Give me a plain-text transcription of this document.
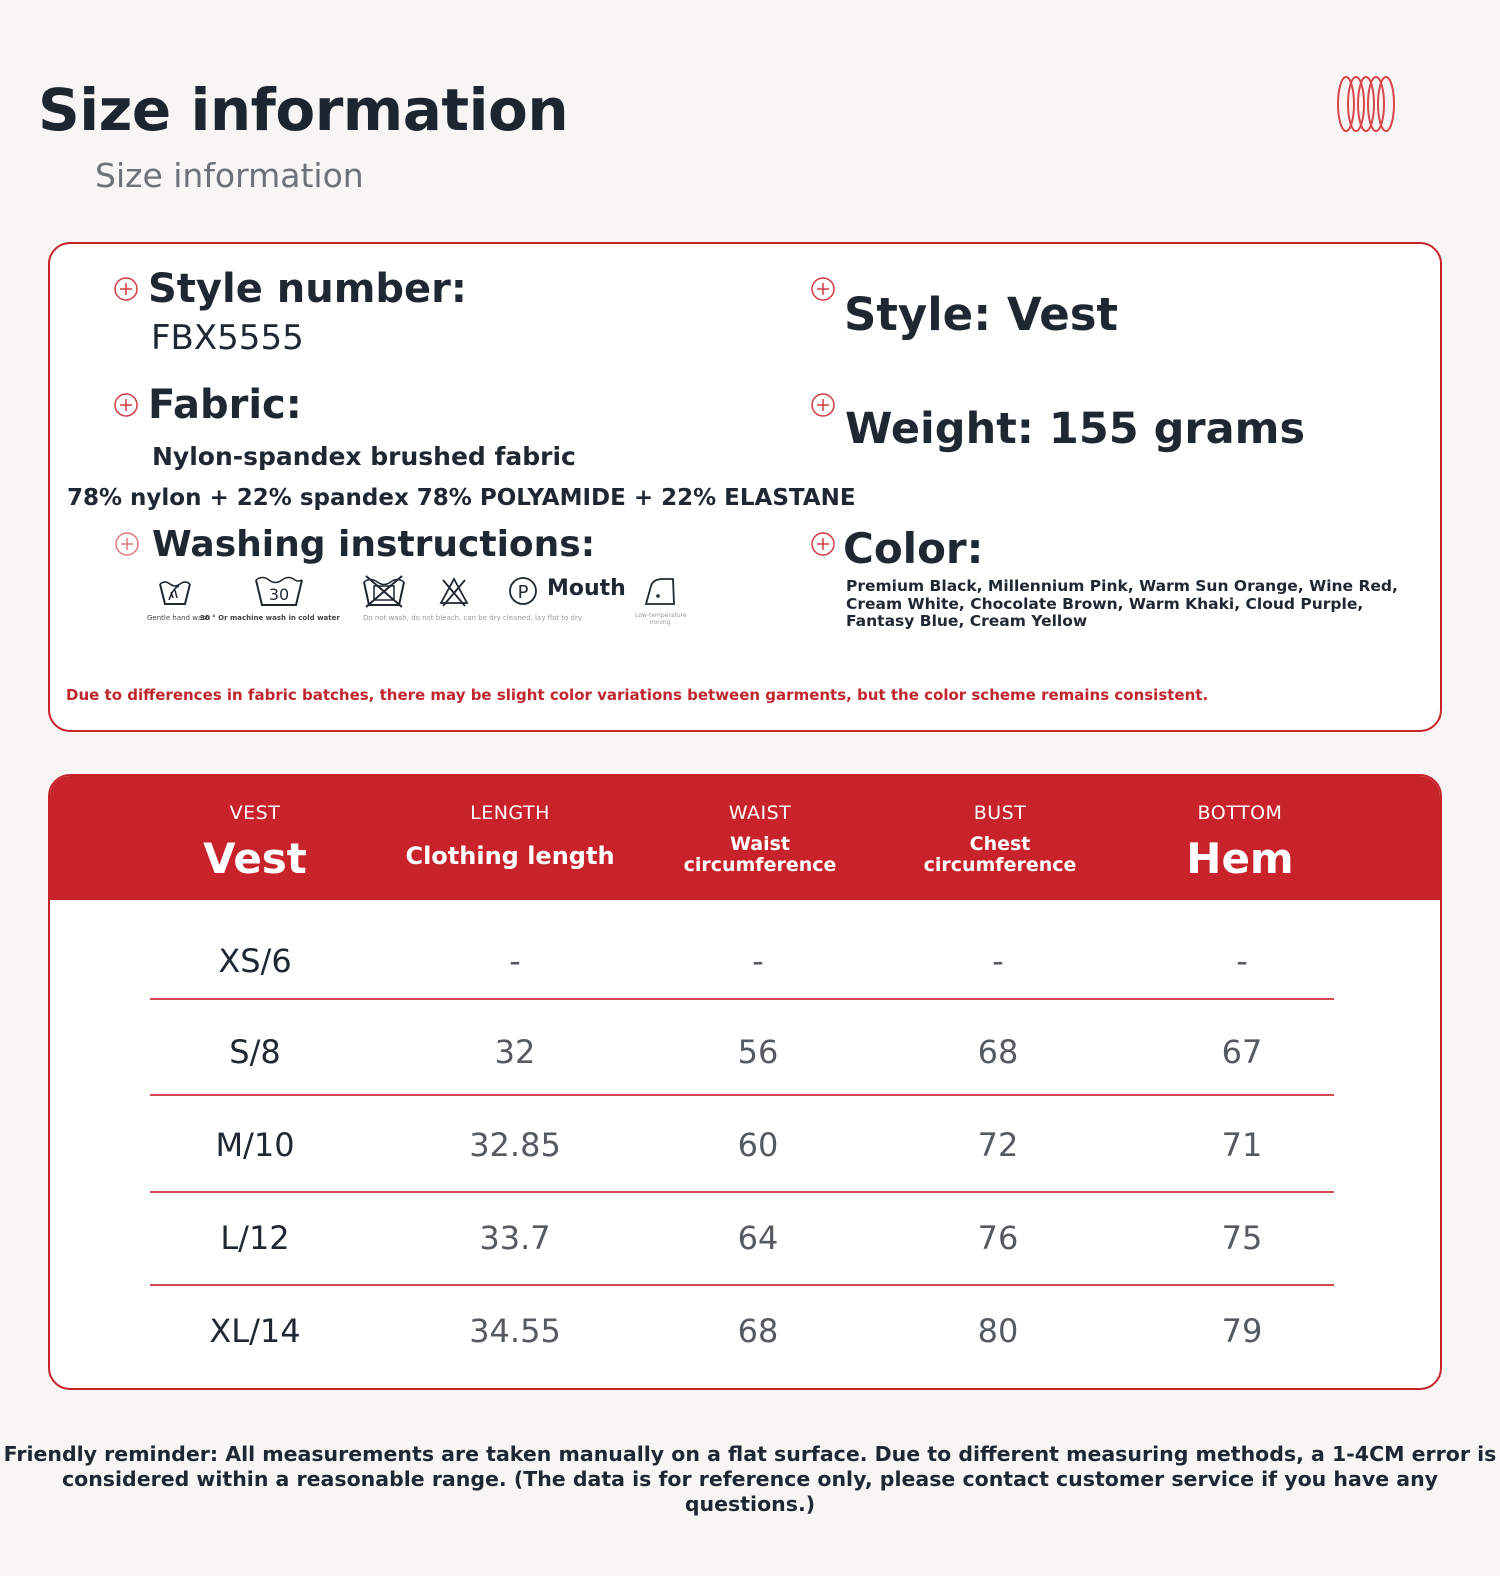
Size information
Size information
Style number:
FBX5555	Style: Vest
Fabric:
Nylon-spandex brushed fabric
78% nylon + 22% spandex 78% POLYAMIDE + 22% ELASTANE
Weight: 155 grams
Washing instructions:
Gentle hand wash
30
30 ° Or machine wash in cold water	Do not wash, do not bleach, can be dry cleaned, lay flat to dry
P Mouth
Low-temperature
ironing
Color:
Premium Black, Millennium Pink, Warm Sun Orange, Wine Red, Cream White, Chocolate Brown, Warm Khaki, Cloud Purple, Fantasy Blue, Cream Yellow
Due to differences in fabric batches, there may be slight color variations between garments, but the color scheme remains consistent.
VEST
Vest
LENGTH
Clothing length
WAIST
Waist
circumference
BUST
Chest
circumference
BOTTOM
Hem
XS/6	-	-	-	-
S/8	32	56	68	67
M/10	32.85	60	72	71
L/12	33.7	64	76	75
XL/14	34.55	68	80	79
Friendly reminder: All measurements are taken manually on a flat surface. Due to different measuring methods, a 1-4CM error is
considered within a reasonable range. (The data is for reference only, please contact customer service if you have any questions.)
